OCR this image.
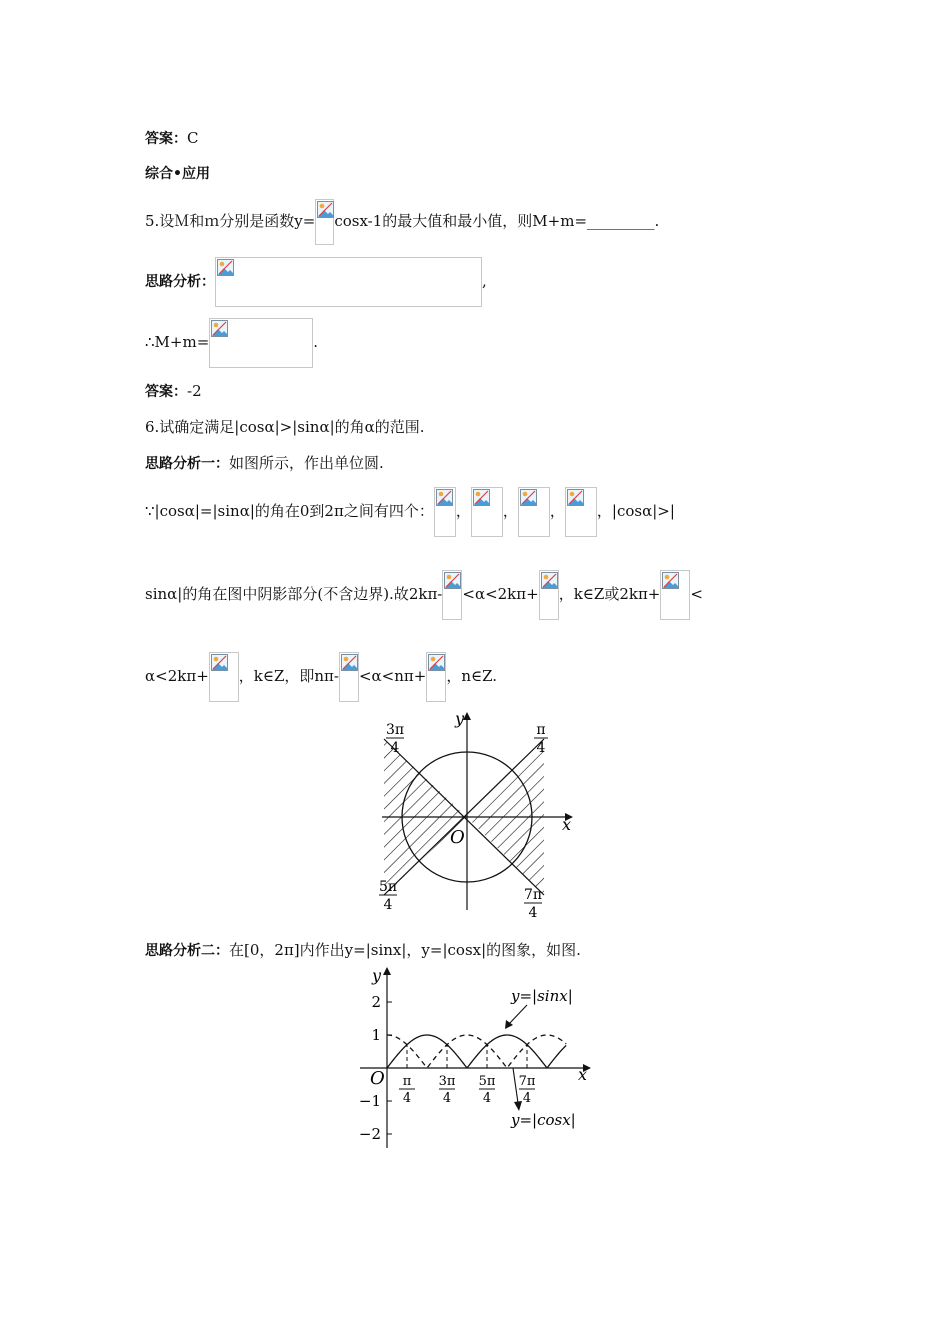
答案：C
综合•应用
5.设Ｍ和ｍ分别是函数y= cosx-1的最大值和最小值，则M+m=_________.
思路分析：	,
∴M+m=	.
答案：-2
6.试确定满足|cosα|>|sinα|的角α的范围.
思路分析一：如图所示，作出单位圆.
∵|cosα|=|sinα|的角在0到2π之间有四个： ， ， ， ，|cosα|>|
sinα|的角在图中阴影部分(不含边界).故2kπ- <α<2kπ+ ，k∈Z或2kπ+ <
α<2kπ+ ，k∈Z，即nπ- <α<nπ+ ，n∈Z.
x
y
O
3π
4
π
4
5π
4
7π
4
思路分析二：在[0，2π]内作出y=|sinx|，y=|cosx|的图象，如图.
2
1
−1
−2
π
4
3π
4
5π
4
7π
4
x
y
O
y=|sinx|
y=|cosx|
